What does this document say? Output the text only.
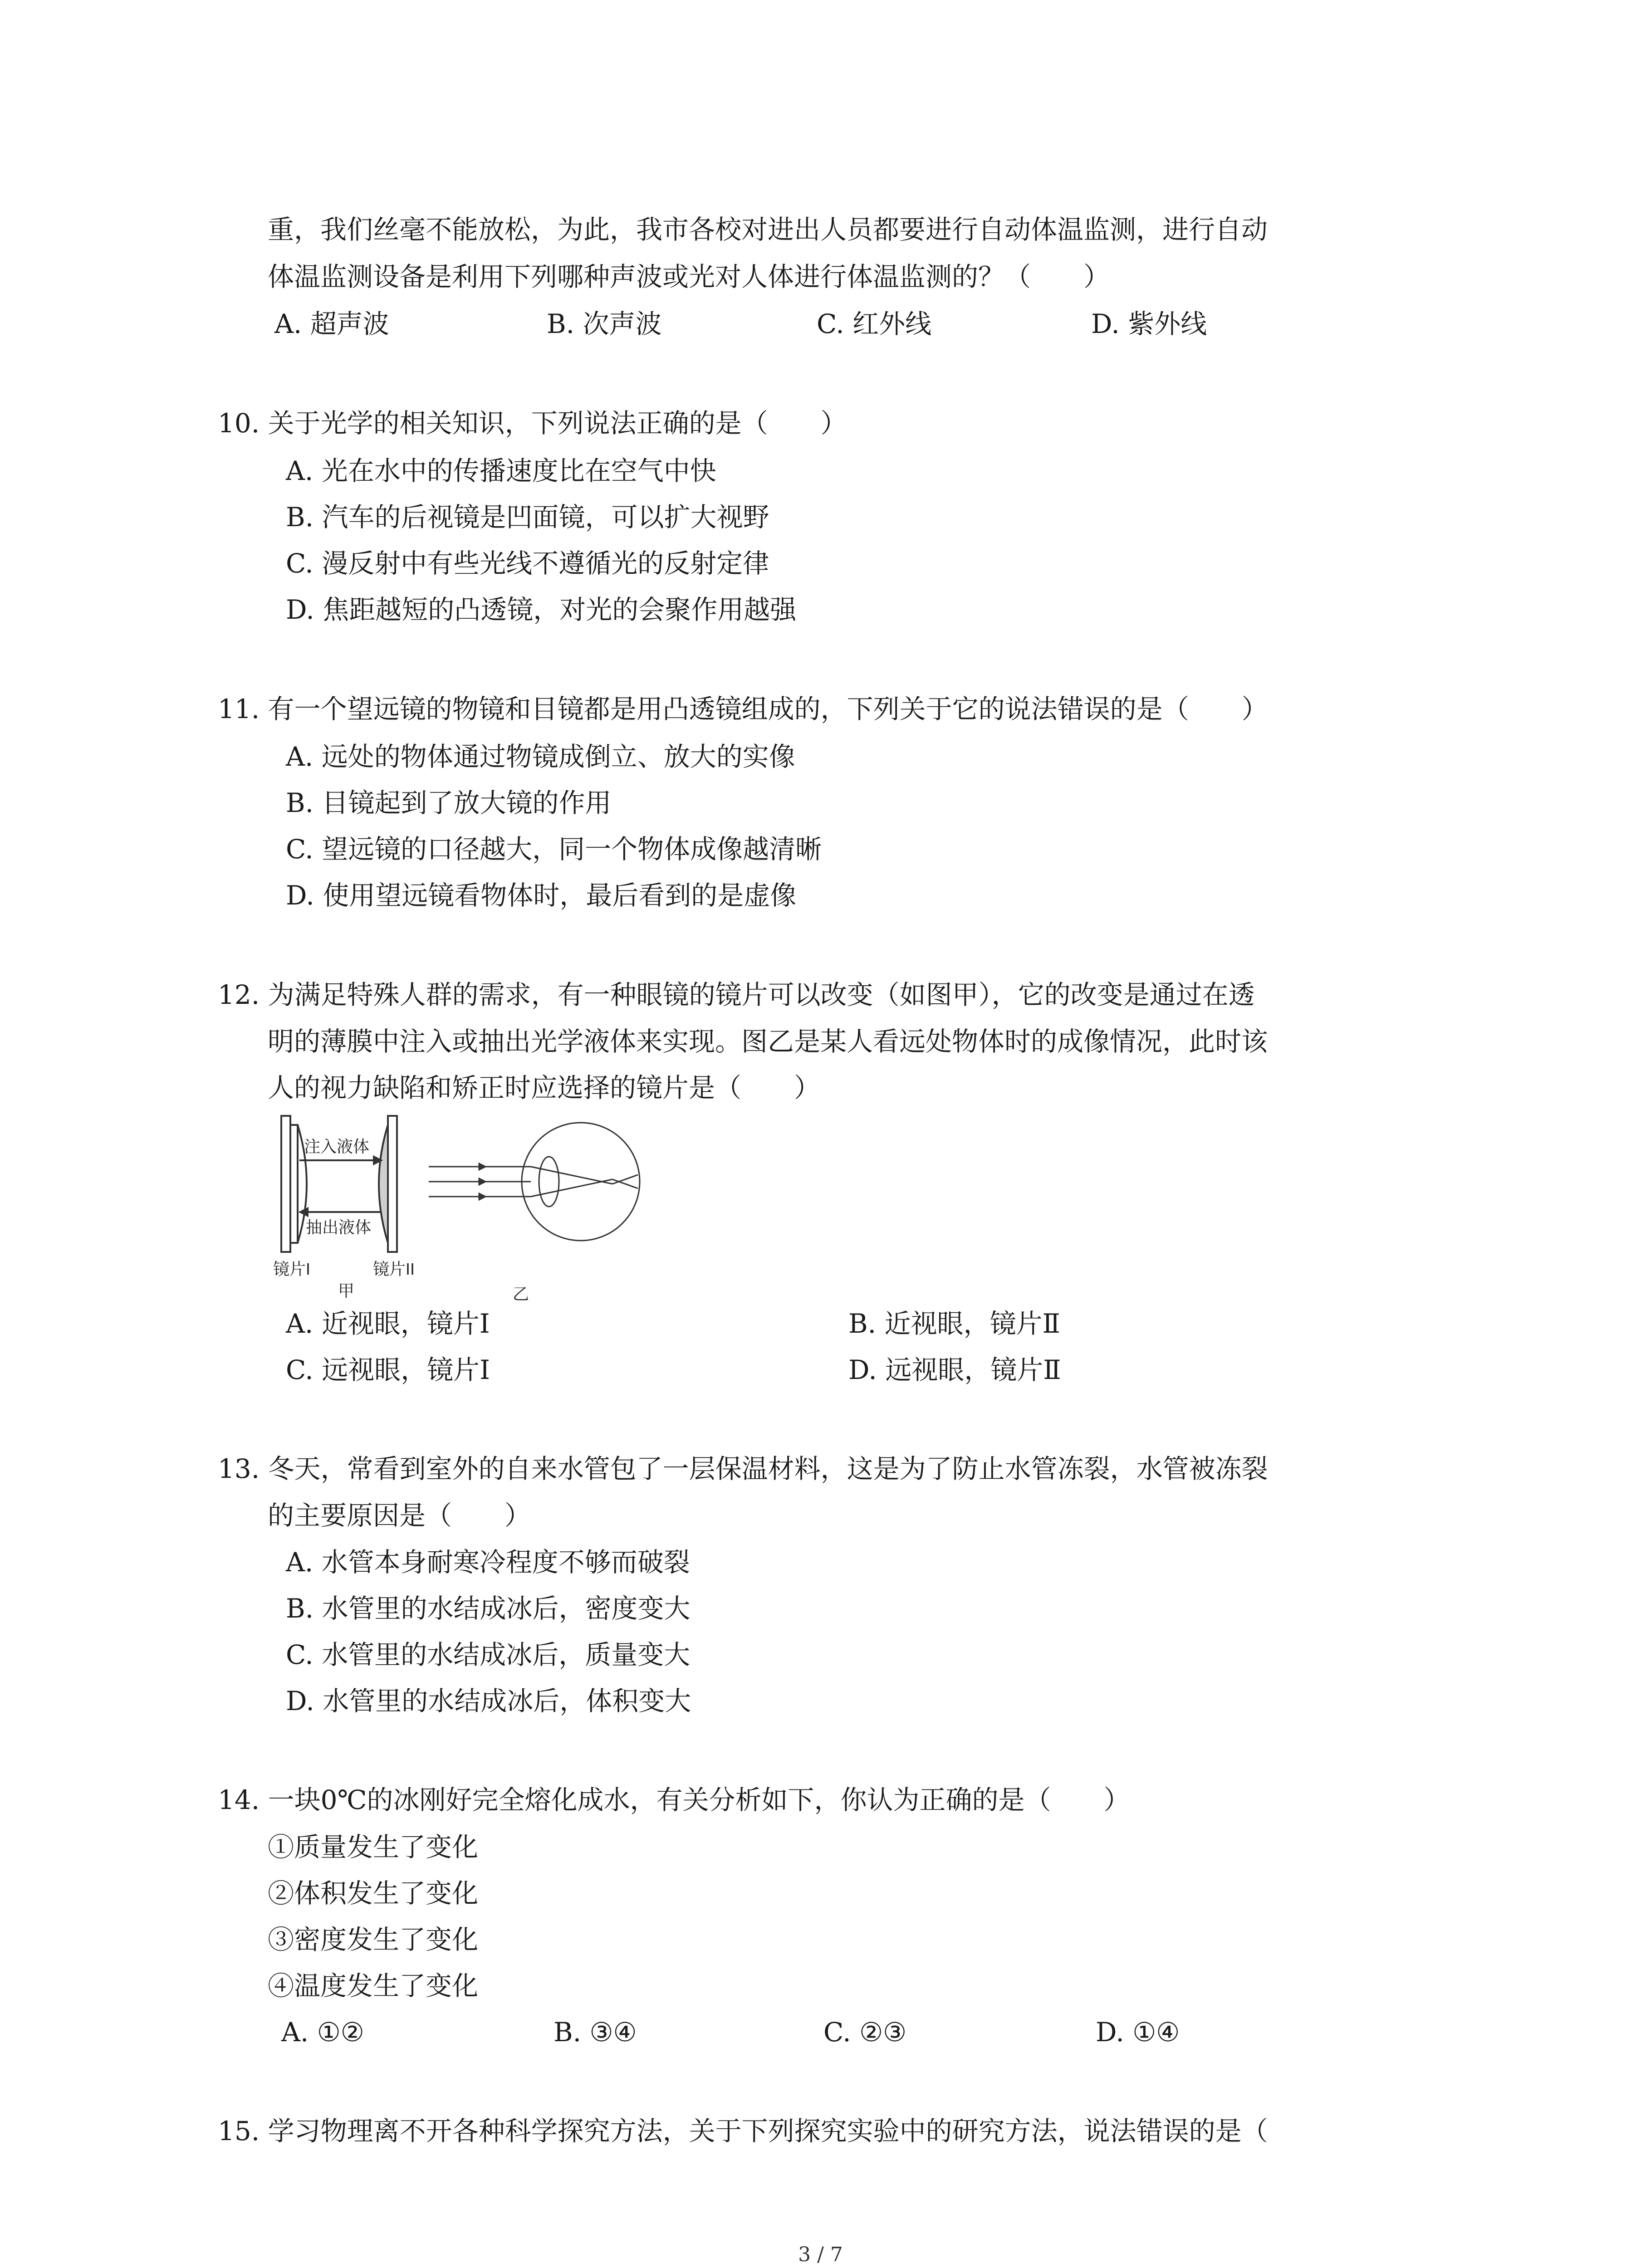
重，我们丝毫不能放松，为此，我市各校对进出人员都要进行自动体温监测，进行自动
体温监测设备是利用下列哪种声波或光对人体进行体温监测的？（　　）
A. 超声波	B. 次声波	C. 红外线	D. 紫外线
10. 关于光学的相关知识，下列说法正确的是（　　）
A. 光在水中的传播速度比在空气中快
B. 汽车的后视镜是凹面镜，可以扩大视野
C. 漫反射中有些光线不遵循光的反射定律
D. 焦距越短的凸透镜，对光的会聚作用越强
11. 有一个望远镜的物镜和目镜都是用凸透镜组成的，下列关于它的说法错误的是（　　）
A. 远处的物体通过物镜成倒立、放大的实像
B. 目镜起到了放大镜的作用
C. 望远镜的口径越大，同一个物体成像越清晰
D. 使用望远镜看物体时，最后看到的是虚像
12. 为满足特殊人群的需求，有一种眼镜的镜片可以改变（如图甲），它的改变是通过在透
明的薄膜中注入或抽出光学液体来实现。图乙是某人看远处物体时的成像情况，此时该
人的视力缺陷和矫正时应选择的镜片是（　　）
注入液体
抽出液体
镜片I	镜片II
甲	乙
A. 近视眼，镜片Ⅰ	B. 近视眼，镜片Ⅱ
C. 远视眼，镜片Ⅰ	D. 远视眼，镜片Ⅱ
13. 冬天，常看到室外的自来水管包了一层保温材料，这是为了防止水管冻裂，水管被冻裂
的主要原因是（　　）
A. 水管本身耐寒冷程度不够而破裂
B. 水管里的水结成冰后，密度变大
C. 水管里的水结成冰后，质量变大
D. 水管里的水结成冰后，体积变大
14. 一块0℃的冰刚好完全熔化成水，有关分析如下，你认为正确的是（　　）
①质量发生了变化
②体积发生了变化
③密度发生了变化
④温度发生了变化
A. ①②	B. ③④	C. ②③	D. ①④
15. 学习物理离不开各种科学探究方法，关于下列探究实验中的研究方法，说法错误的是（
3 / 7
